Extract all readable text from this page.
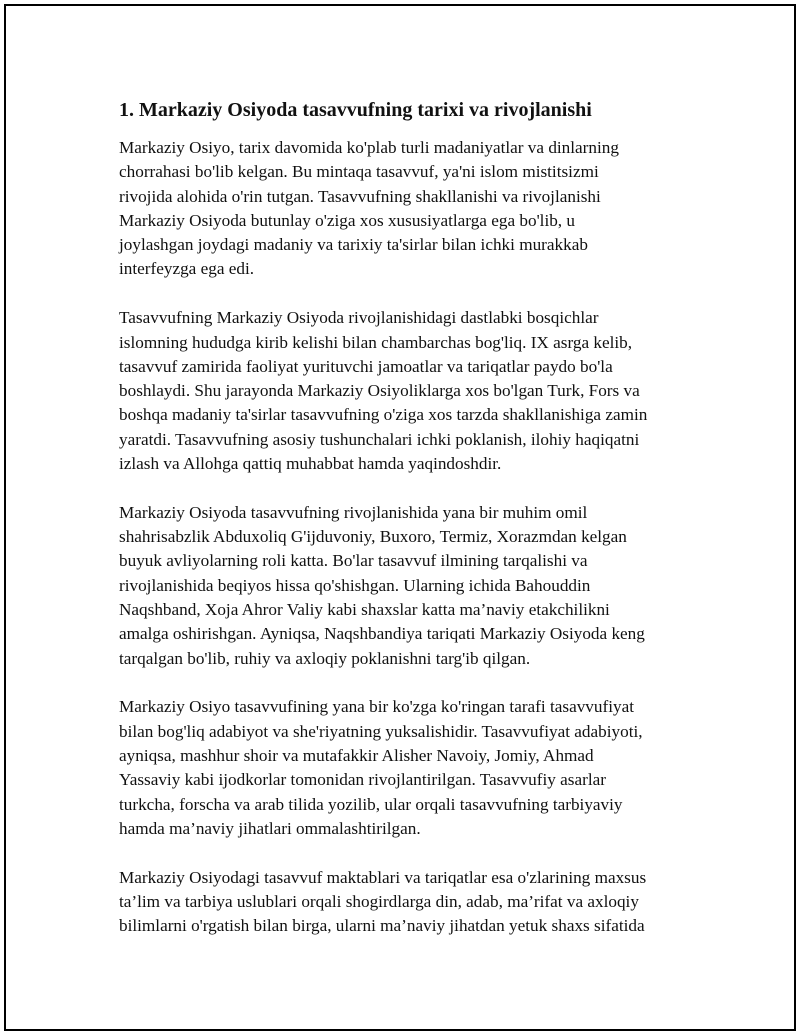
1. Markaziy Osiyoda tasavvufning tarixi va rivojlanishi
Markaziy Osiyo, tarix davomida ko'plab turli madaniyatlar va dinlarning
chorrahasi bo'lib kelgan. Bu mintaqa tasavvuf, ya'ni islom mistitsizmi
rivojida alohida o'rin tutgan. Tasavvufning shakllanishi va rivojlanishi
Markaziy Osiyoda butunlay o'ziga xos xususiyatlarga ega bo'lib, u
joylashgan joydagi madaniy va tarixiy ta'sirlar bilan ichki murakkab
interfeyzga ega edi.
Tasavvufning Markaziy Osiyoda rivojlanishidagi dastlabki bosqichlar
islomning hududga kirib kelishi bilan chambarchas bog'liq. IX asrga kelib,
tasavvuf zamirida faoliyat yurituvchi jamoatlar va tariqatlar paydo bo'la
boshlaydi. Shu jarayonda Markaziy Osiyoliklarga xos bo'lgan Turk, Fors va
boshqa madaniy ta'sirlar tasavvufning o'ziga xos tarzda shakllanishiga zamin
yaratdi. Tasavvufning asosiy tushunchalari ichki poklanish, ilohiy haqiqatni
izlash va Allohga qattiq muhabbat hamda yaqindoshdir.
Markaziy Osiyoda tasavvufning rivojlanishida yana bir muhim omil
shahrisabzlik Abduxoliq G'ijduvoniy, Buxoro, Termiz, Xorazmdan kelgan
buyuk avliyolarning roli katta. Bo'lar tasavvuf ilmining tarqalishi va
rivojlanishida beqiyos hissa qo'shishgan. Ularning ichida Bahouddin
Naqshband, Xoja Ahror Valiy kabi shaxslar katta ma’naviy etakchilikni
amalga oshirishgan. Ayniqsa, Naqshbandiya tariqati Markaziy Osiyoda keng
tarqalgan bo'lib, ruhiy va axloqiy poklanishni targ'ib qilgan.
Markaziy Osiyo tasavvufining yana bir ko'zga ko'ringan tarafi tasavvufiyat
bilan bog'liq adabiyot va she'riyatning yuksalishidir. Tasavvufiyat adabiyoti,
ayniqsa, mashhur shoir va mutafakkir Alisher Navoiy, Jomiy, Ahmad
Yassaviy kabi ijodkorlar tomonidan rivojlantirilgan. Tasavvufiy asarlar
turkcha, forscha va arab tilida yozilib, ular orqali tasavvufning tarbiyaviy
hamda ma’naviy jihatlari ommalashtirilgan.
Markaziy Osiyodagi tasavvuf maktablari va tariqatlar esa o'zlarining maxsus
ta’lim va tarbiya uslublari orqali shogirdlarga din, adab, ma’rifat va axloqiy
bilimlarni o'rgatish bilan birga, ularni ma’naviy jihatdan yetuk shaxs sifatida
